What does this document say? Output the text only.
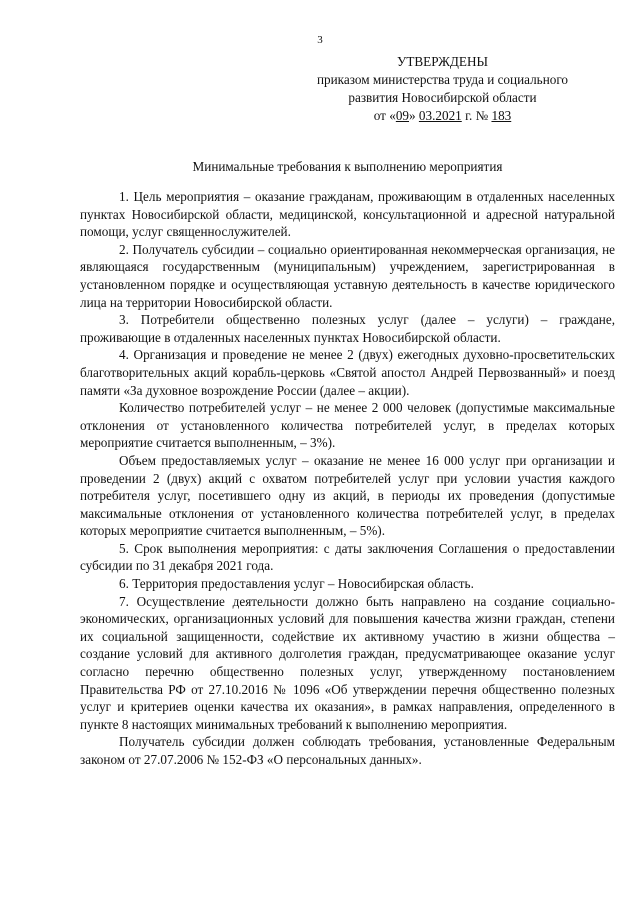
3
УТВЕРЖДЕНЫ
приказом министерства труда и социального
развития Новосибирской области
от «09» 03.2021 г. № 183
Минимальные требования к выполнению мероприятия

1. Цель мероприятия – оказание гражданам, проживающим в отдаленных населенных пунктах Новосибирской области, медицинской, консультационной и адресной натуральной помощи, услуг священнослужителей.

2. Получатель субсидии – социально ориентированная некоммерческая организация, не являющаяся государственным (муниципальным) учреждением, зарегистрированная в установленном порядке и осуществляющая уставную деятельность в качестве юридического лица на территории Новосибирской области.

3. Потребители общественно полезных услуг (далее – услуги) – граждане, проживающие в отдаленных населенных пунктах Новосибирской области.

4. Организация и проведение не менее 2 (двух) ежегодных духовно-просветительских благотворительных акций корабль-церковь «Святой апостол Андрей Первозванный» и поезд памяти «За духовное возрождение России (далее – акции).

Количество потребителей услуг – не менее 2 000 человек (допустимые максимальные отклонения от установленного количества потребителей услуг, в пределах которых мероприятие считается выполненным, – 3%).

Объем предоставляемых услуг – оказание не менее 16 000 услуг при организации и проведении 2 (двух) акций с охватом потребителей услуг при условии участия каждого потребителя услуг, посетившего одну из акций, в периоды их проведения (допустимые максимальные отклонения от установленного количества потребителей услуг, в пределах которых мероприятие считается выполненным, – 5%).

5. Срок выполнения мероприятия: с даты заключения Соглашения о предоставлении субсидии по 31 декабря 2021 года.

6. Территория предоставления услуг – Новосибирская область.

7. Осуществление деятельности должно быть направлено на создание социально-экономических, организационных условий для повышения качества жизни граждан, степени их социальной защищенности, содействие их активному участию в жизни общества – создание условий для активного долголетия граждан, предусматривающее оказание услуг согласно перечню общественно полезных услуг, утвержденному постановлением Правительства РФ от 27.10.2016 № 1096 «Об утверждении перечня общественно полезных услуг и критериев оценки качества их оказания», в рамках направления, определенного в пункте 8 настоящих минимальных требований к выполнению мероприятия.

Получатель субсидии должен соблюдать требования, установленные Федеральным законом от 27.07.2006 № 152-ФЗ «О персональных данных».
